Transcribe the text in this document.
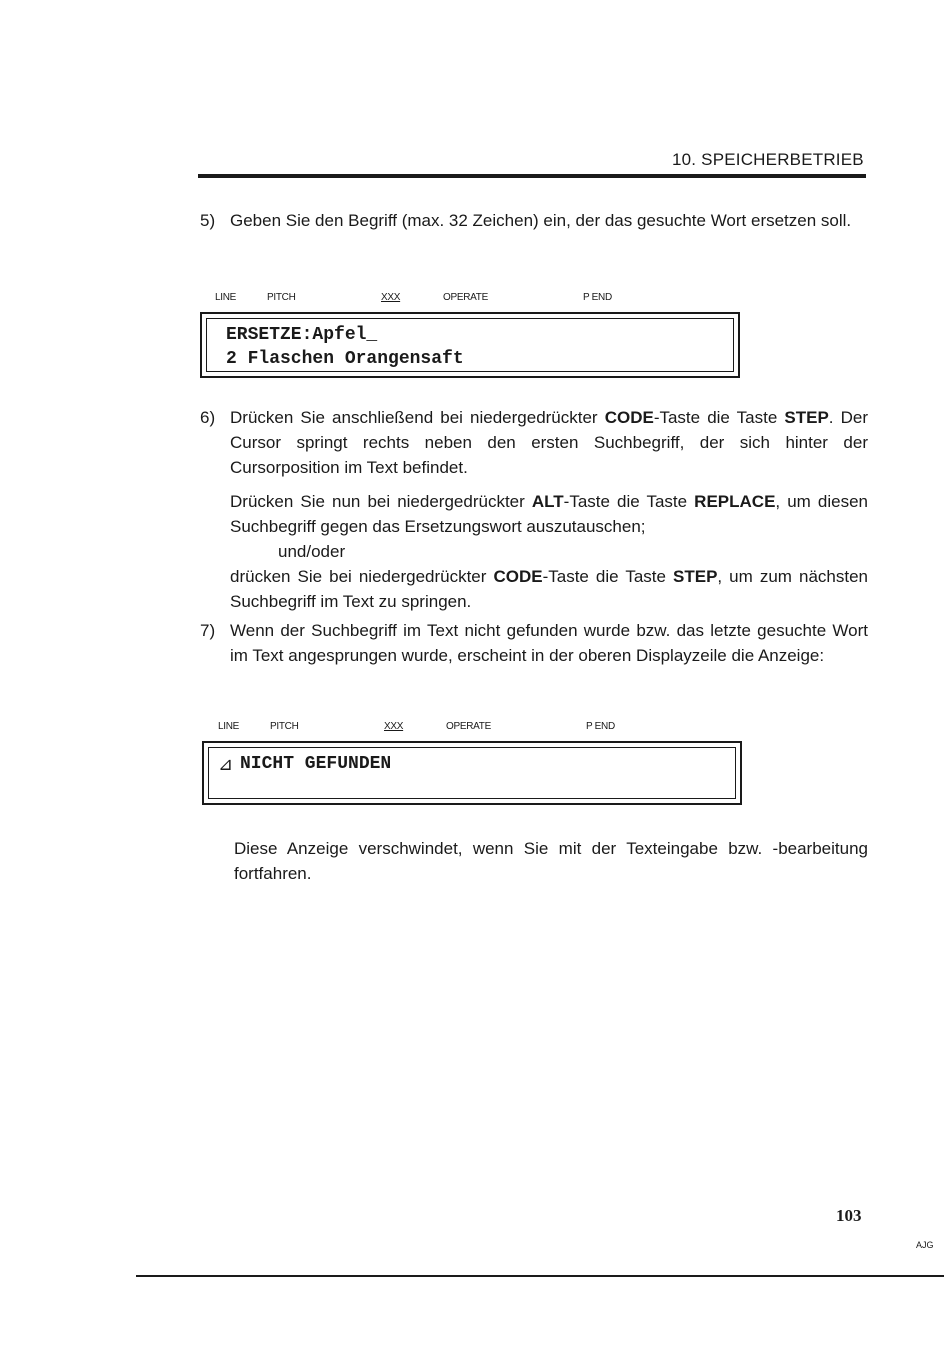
10. SPEICHERBETRIEB
5) Geben Sie den Begriff (max. 32 Zeichen) ein, der das gesuchte Wort ersetzen soll.

LINE	PITCH	XXX	OPERATE	P END
ERSETZE:Apfel_
2 Flaschen Orangensaft
6) Drücken Sie anschließend bei niedergedrückter CODE-Taste die Taste STEP. Der Cursor springt rechts neben den ersten Suchbegriff, der sich hinter der Cursorposition im Text befindet.

Drücken Sie nun bei niedergedrückter ALT-Taste die Taste REPLACE, um diesen Suchbegriff gegen das Ersetzungswort auszutauschen;

und/oder

drücken Sie bei niedergedrückter CODE-Taste die Taste STEP, um zum nächsten Suchbegriff im Text zu springen.

7) Wenn der Suchbegriff im Text nicht gefunden wurde bzw. das letzte gesuchte Wort im Text angesprungen wurde, erscheint in der oberen Displayzeile die Anzeige:

LINE	PITCH	XXX	OPERATE	P END
⊿ NICHT GEFUNDEN

Diese Anzeige verschwindet, wenn Sie mit der Texteingabe bzw. -bearbeitung fortfahren.

103
AJG
